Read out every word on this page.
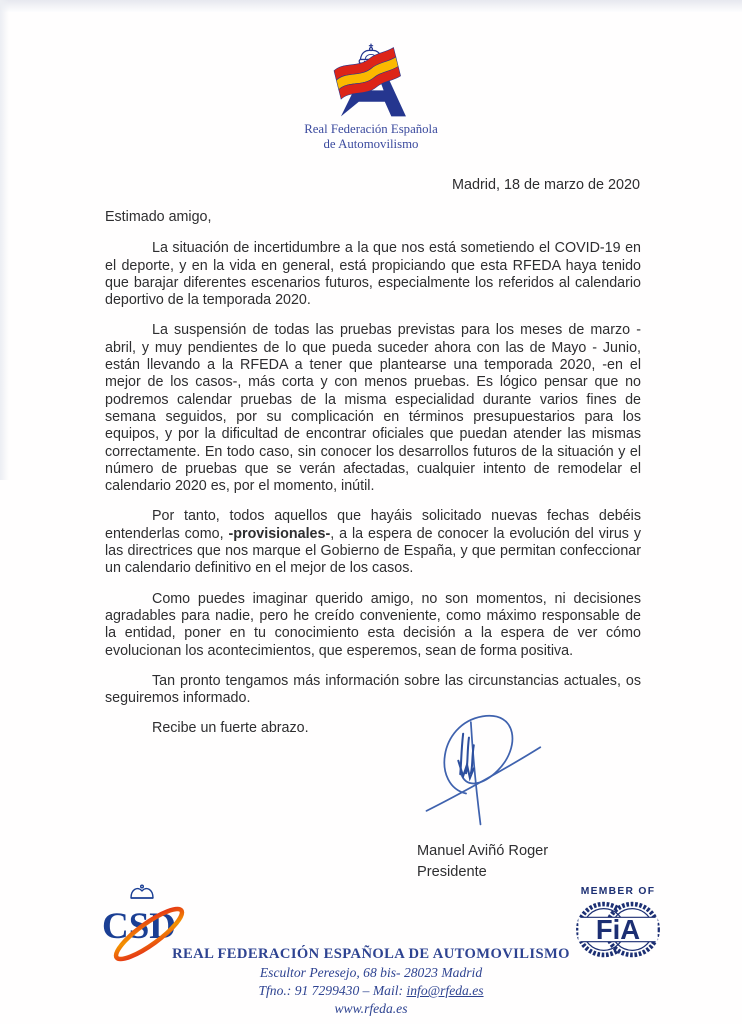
Real Federación Española
de Automovilismo
Madrid, 18 de marzo de 2020
Estimado amigo,

La situación de incertidumbre a la que nos está sometiendo el COVID-19 en el deporte, y en la vida en general, está propiciando que esta RFEDA haya tenido que barajar diferentes escenarios futuros, especialmente los referidos al calendario deportivo de la temporada 2020.

La suspensión de todas las pruebas previstas para los meses de marzo - abril, y muy pendientes de lo que pueda suceder ahora con las de Mayo - Junio, están llevando a la RFEDA a tener que plantearse una temporada 2020, -en el mejor de los casos-, más corta y con menos pruebas. Es lógico pensar que no podremos calendar pruebas de la misma especialidad durante varios fines de semana seguidos, por su complicación en términos presupuestarios para los equipos, y por la dificultad de encontrar oficiales que puedan atender las mismas correctamente. En todo caso, sin conocer los desarrollos futuros de la situación y el número de pruebas que se verán afectadas, cualquier intento de remodelar el calendario 2020 es, por el momento, inútil.

Por tanto, todos aquellos que hayáis solicitado nuevas fechas debéis entenderlas como, -provisionales-, a la espera de conocer la evolución del virus y las directrices que nos marque el Gobierno de España, y que permitan confeccionar un calendario definitivo en el mejor de los casos.

Como puedes imaginar querido amigo, no son momentos, ni decisiones agradables para nadie, pero he creído conveniente, como máximo responsable de la entidad, poner en tu conocimiento esta decisión a la espera de ver cómo evolucionan los acontecimientos, que esperemos, sean de forma positiva.

Tan pronto tengamos más información sobre las circunstancias actuales, os seguiremos informado.

Recibe un fuerte abrazo.

Manuel Aviñó Roger
Presidente
CSD
MEMBER OF
FiA
REAL FEDERACIÓN ESPAÑOLA DE AUTOMOVILISMO
Escultor Peresejo, 68 bis- 28023 Madrid
Tfno.: 91 7299430 – Mail: info@rfeda.es
www.rfeda.es
